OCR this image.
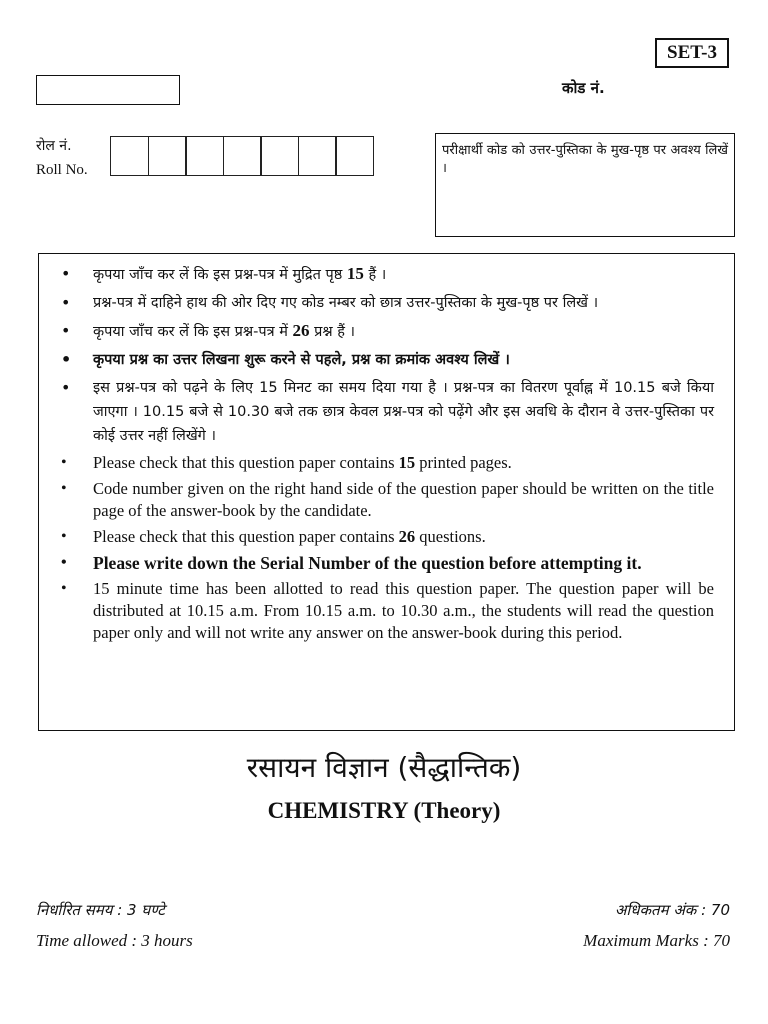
SET-3
कोड नं.
रोल नं.
Roll No.
परीक्षार्थी कोड को उत्तर-पुस्तिका के मुख-पृष्ठ पर अवश्य लिखें ।
• कृपया जाँच कर लें कि इस प्रश्न-पत्र में मुद्रित पृष्ठ 15 हैं ।
• प्रश्न-पत्र में दाहिने हाथ की ओर दिए गए कोड नम्बर को छात्र उत्तर-पुस्तिका के मुख-पृष्ठ पर लिखें ।
• कृपया जाँच कर लें कि इस प्रश्न-पत्र में 26 प्रश्न हैं ।
• कृपया प्रश्न का उत्तर लिखना शुरू करने से पहले, प्रश्न का क्रमांक अवश्य लिखें ।
• इस प्रश्न-पत्र को पढ़ने के लिए 15 मिनट का समय दिया गया है । प्रश्न-पत्र का वितरण पूर्वाह्न में 10.15 बजे किया जाएगा । 10.15 बजे से 10.30 बजे तक छात्र केवल प्रश्न-पत्र को पढ़ेंगे और इस अवधि के दौरान वे उत्तर-पुस्तिका पर कोई उत्तर नहीं लिखेंगे ।
• Please check that this question paper contains 15 printed pages.
• Code number given on the right hand side of the question paper should be written on the title page of the answer-book by the candidate.
• Please check that this question paper contains 26 questions.
• Please write down the Serial Number of the question before attempting it.
• 15 minute time has been allotted to read this question paper. The question paper will be distributed at 10.15 a.m. From 10.15 a.m. to 10.30 a.m., the students will read the question paper only and will not write any answer on the answer-book during this period.
रसायन विज्ञान (सैद्धान्तिक)
CHEMISTRY (Theory)
निर्धारित समय : 3 घण्टे	अधिकतम अंक : 70
Time allowed : 3 hours	Maximum Marks : 70
